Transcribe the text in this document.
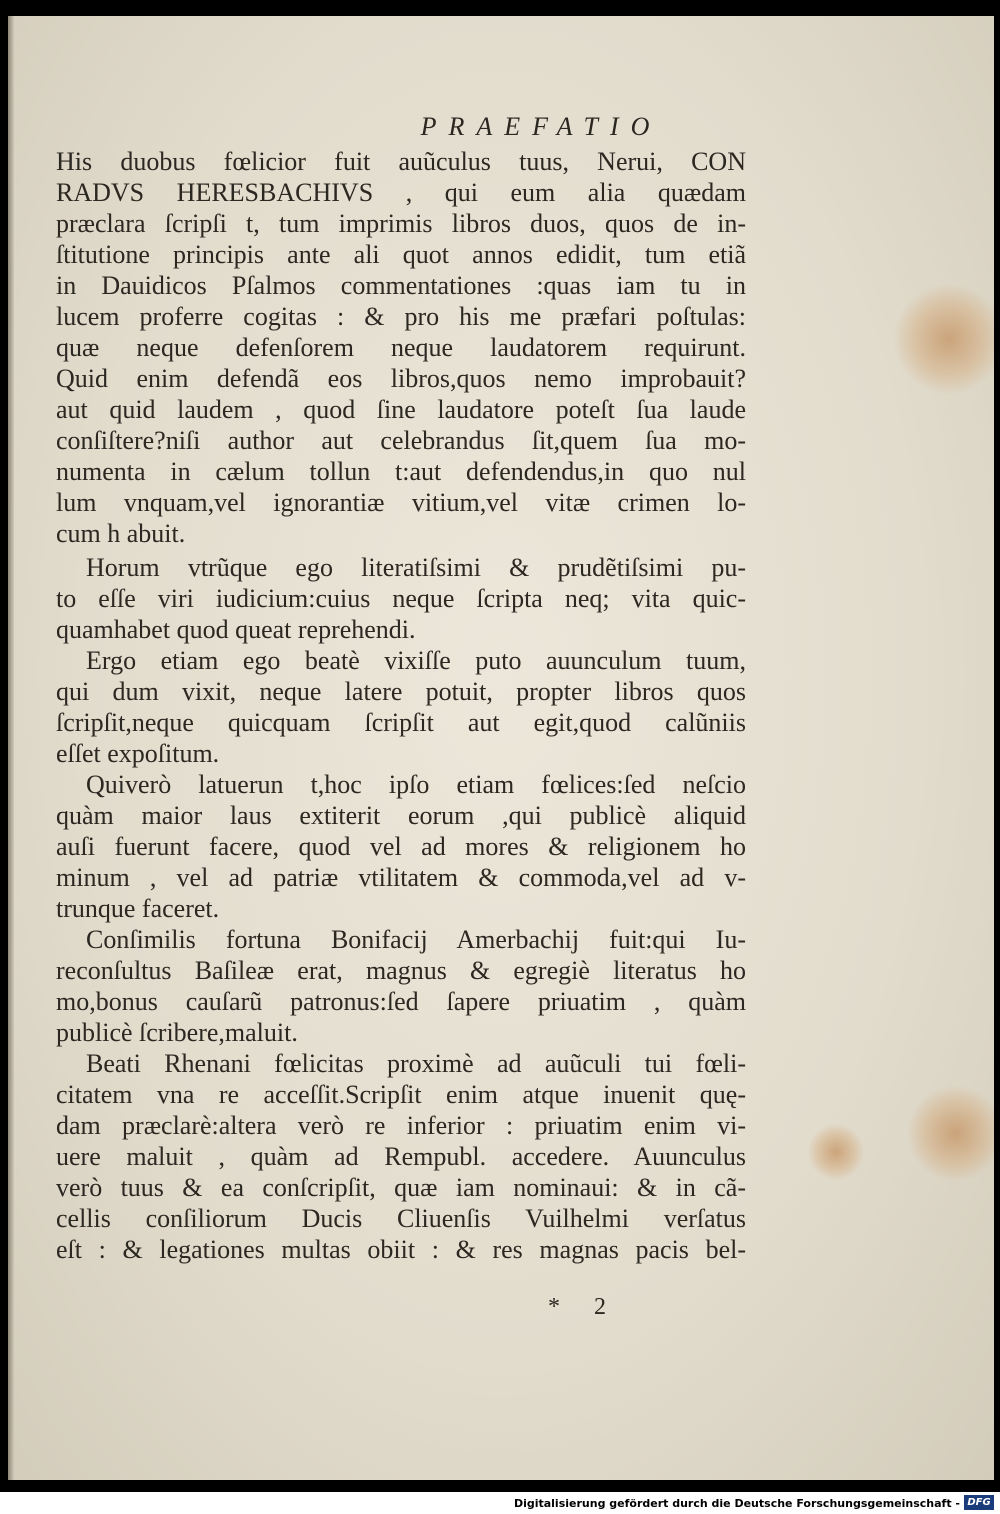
PRAEFATIO
His duobus fœlicior fuit auũculus tuus, Nerui, CON
RADVS HERESBACHIVS , qui eum alia quædam
præclara ſcripſi t, tum imprimis libros duos, quos de in-
ſtitutione principis ante ali quot annos edidit, tum etiã
in Dauidicos Pſalmos commentationes :quas iam tu in
lucem proferre cogitas : & pro his me præfari poſtulas:
quæ neque defenſorem neque laudatorem requirunt.
Quid enim defendã eos libros,quos nemo improbauit?
aut quid laudem , quod ſine laudatore poteſt ſua laude
conſiſtere?niſi author aut celebrandus ſit,quem ſua mo-
numenta in cælum tollun t:aut defendendus,in quo nul
lum vnquam,vel ignorantiæ vitium,vel vitæ crimen lo-
cum h abuit.
Horum vtrũque ego literatiſsimi & prudẽtiſsimi pu-
to eſſe viri iudicium:cuius neque ſcripta neq; vita quic-
quamhabet quod queat reprehendi.
Ergo etiam ego beatè vixiſſe puto auunculum tuum,
qui dum vixit, neque latere potuit, propter libros quos
ſcripſit,neque quicquam ſcripſit aut egit,quod calũniis
eſſet expoſitum.
Quiverò latuerun t,hoc ipſo etiam fœlices:ſed neſcio
quàm maior laus extiterit eorum ,qui publicè aliquid
auſi fuerunt facere, quod vel ad mores & religionem ho
minum , vel ad patriæ vtilitatem & commoda,vel ad v-
trunque faceret.
Conſimilis fortuna Bonifacij Amerbachij fuit:qui Iu-
reconſultus Baſileæ erat, magnus & egregiè literatus ho
mo,bonus cauſarũ patronus:ſed ſapere priuatim , quàm
publicè ſcribere,maluit.
Beati Rhenani fœlicitas proximè ad auũculi tui fœli-
citatem vna re acceſſit.Scripſit enim atque inuenit quę-
dam præclarè:altera verò re inferior : priuatim enim vi-
uere maluit , quàm ad Rempubl. accedere. Auunculus
verò tuus & ea conſcripſit, quæ iam nominaui: & in cã-
cellis conſiliorum Ducis Cliuenſis Vuilhelmi verſatus
eſt : & legationes multas obiit : & res magnas pacis bel-
* 2
Digitalisierung gefördert durch die Deutsche Forschungsgemeinschaft - DFG
